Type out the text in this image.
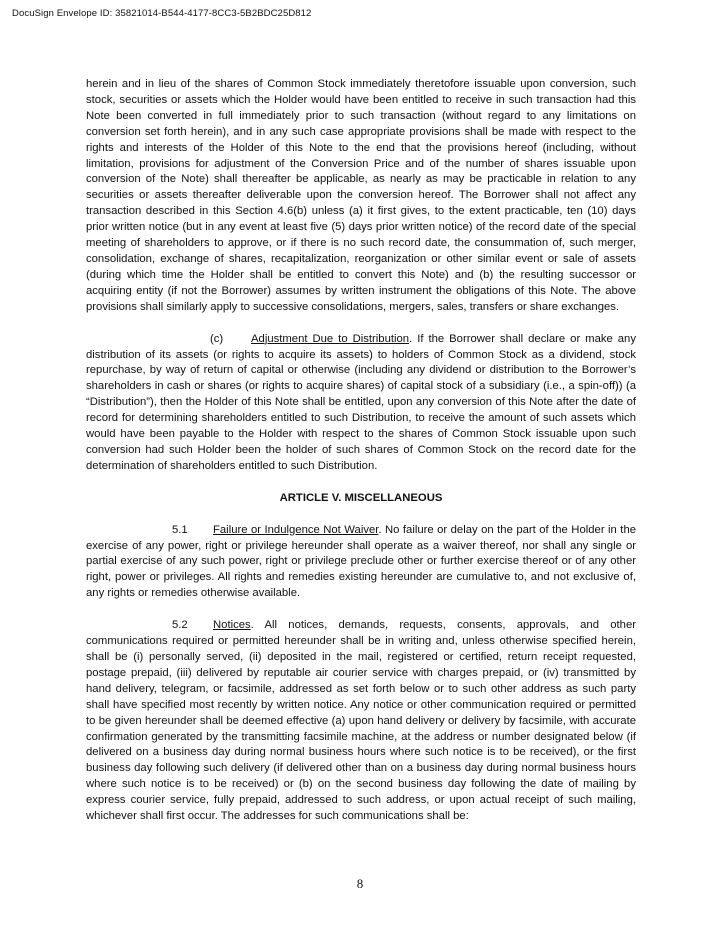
DocuSign Envelope ID: 35821014-B544-4177-8CC3-5B2BDC25D812

herein and in lieu of the shares of Common Stock immediately theretofore issuable upon conversion, such stock, securities or assets which the Holder would have been entitled to receive in such transaction had this Note been converted in full immediately prior to such transaction (without regard to any limitations on conversion set forth herein), and in any such case appropriate provisions shall be made with respect to the rights and interests of the Holder of this Note to the end that the provisions hereof (including, without limitation, provisions for adjustment of the Conversion Price and of the number of shares issuable upon conversion of the Note) shall thereafter be applicable, as nearly as may be practicable in relation to any securities or assets thereafter deliverable upon the conversion hereof. The Borrower shall not affect any transaction described in this Section 4.6(b) unless (a) it first gives, to the extent practicable, ten (10) days prior written notice (but in any event at least five (5) days prior written notice) of the record date of the special meeting of shareholders to approve, or if there is no such record date, the consummation of, such merger, consolidation, exchange of shares, recapitalization, reorganization or other similar event or sale of assets (during which time the Holder shall be entitled to convert this Note) and (b) the resulting successor or acquiring entity (if not the Borrower) assumes by written instrument the obligations of this Note. The above provisions shall similarly apply to successive consolidations, mergers, sales, transfers or share exchanges.

(c) Adjustment Due to Distribution. If the Borrower shall declare or make any distribution of its assets (or rights to acquire its assets) to holders of Common Stock as a dividend, stock repurchase, by way of return of capital or otherwise (including any dividend or distribution to the Borrower’s shareholders in cash or shares (or rights to acquire shares) of capital stock of a subsidiary (i.e., a spin-off)) (a “Distribution”), then the Holder of this Note shall be entitled, upon any conversion of this Note after the date of record for determining shareholders entitled to such Distribution, to receive the amount of such assets which would have been payable to the Holder with respect to the shares of Common Stock issuable upon such conversion had such Holder been the holder of such shares of Common Stock on the record date for the determination of shareholders entitled to such Distribution.

ARTICLE V. MISCELLANEOUS

5.1 Failure or Indulgence Not Waiver. No failure or delay on the part of the Holder in the exercise of any power, right or privilege hereunder shall operate as a waiver thereof, nor shall any single or partial exercise of any such power, right or privilege preclude other or further exercise thereof or of any other right, power or privileges. All rights and remedies existing hereunder are cumulative to, and not exclusive of, any rights or remedies otherwise available.

5.2 Notices. All notices, demands, requests, consents, approvals, and other communications required or permitted hereunder shall be in writing and, unless otherwise specified herein, shall be (i) personally served, (ii) deposited in the mail, registered or certified, return receipt requested, postage prepaid, (iii) delivered by reputable air courier service with charges prepaid, or (iv) transmitted by hand delivery, telegram, or facsimile, addressed as set forth below or to such other address as such party shall have specified most recently by written notice. Any notice or other communication required or permitted to be given hereunder shall be deemed effective (a) upon hand delivery or delivery by facsimile, with accurate confirmation generated by the transmitting facsimile machine, at the address or number designated below (if delivered on a business day during normal business hours where such notice is to be received), or the first business day following such delivery (if delivered other than on a business day during normal business hours where such notice is to be received) or (b) on the second business day following the date of mailing by express courier service, fully prepaid, addressed to such address, or upon actual receipt of such mailing, whichever shall first occur. The addresses for such communications shall be:

8
